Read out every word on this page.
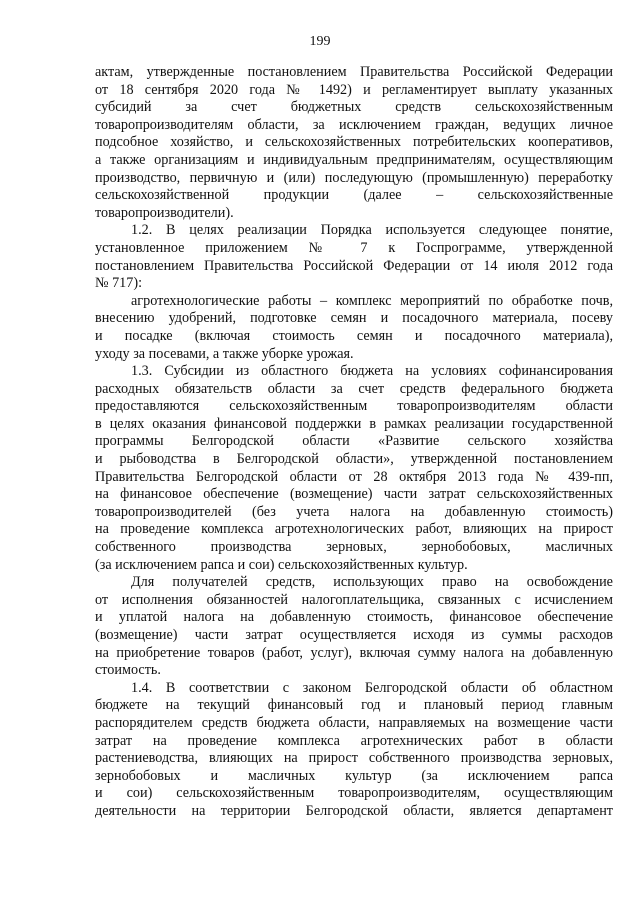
199
актам, утвержденные постановлением Правительства Российской Федерации
от 18 сентября 2020 года № 1492) и регламентирует выплату указанных
субсидий за счет бюджетных средств сельскохозяйственным
товаропроизводителям области, за исключением граждан, ведущих личное
подсобное хозяйство, и сельскохозяйственных потребительских кооперативов,
а также организациям и индивидуальным предпринимателям, осуществляющим
производство, первичную и (или) последующую (промышленную) переработку
сельскохозяйственной продукции (далее – сельскохозяйственные
товаропроизводители).
1.2. В целях реализации Порядка используется следующее понятие,
установленное приложением № 7 к Госпрограмме, утвержденной
постановлением Правительства Российской Федерации от 14 июля 2012 года
№ 717):
агротехнологические работы – комплекс мероприятий по обработке почв,
внесению удобрений, подготовке семян и посадочного материала, посеву
и посадке (включая стоимость семян и посадочного материала),
уходу за посевами, а также уборке урожая.
1.3. Субсидии из областного бюджета на условиях софинансирования
расходных обязательств области за счет средств федерального бюджета
предоставляются сельскохозяйственным товаропроизводителям области
в целях оказания финансовой поддержки в рамках реализации государственной
программы Белгородской области «Развитие сельского хозяйства
и рыбоводства в Белгородской области», утвержденной постановлением
Правительства Белгородской области от 28 октября 2013 года № 439-пп,
на финансовое обеспечение (возмещение) части затрат сельскохозяйственных
товаропроизводителей (без учета налога на добавленную стоимость)
на проведение комплекса агротехнологических работ, влияющих на прирост
собственного производства зерновых, зернобобовых, масличных
(за исключением рапса и сои) сельскохозяйственных культур.
Для получателей средств, использующих право на освобождение
от исполнения обязанностей налогоплательщика, связанных с исчислением
и уплатой налога на добавленную стоимость, финансовое обеспечение
(возмещение) части затрат осуществляется исходя из суммы расходов
на приобретение товаров (работ, услуг), включая сумму налога на добавленную
стоимость.
1.4. В соответствии с законом Белгородской области об областном
бюджете на текущий финансовый год и плановый период главным
распорядителем средств бюджета области, направляемых на возмещение части
затрат на проведение комплекса агротехнических работ в области
растениеводства, влияющих на прирост собственного производства зерновых,
зернобобовых и масличных культур (за исключением рапса
и сои) сельскохозяйственным товаропроизводителям, осуществляющим
деятельности на территории Белгородской области, является департамент
